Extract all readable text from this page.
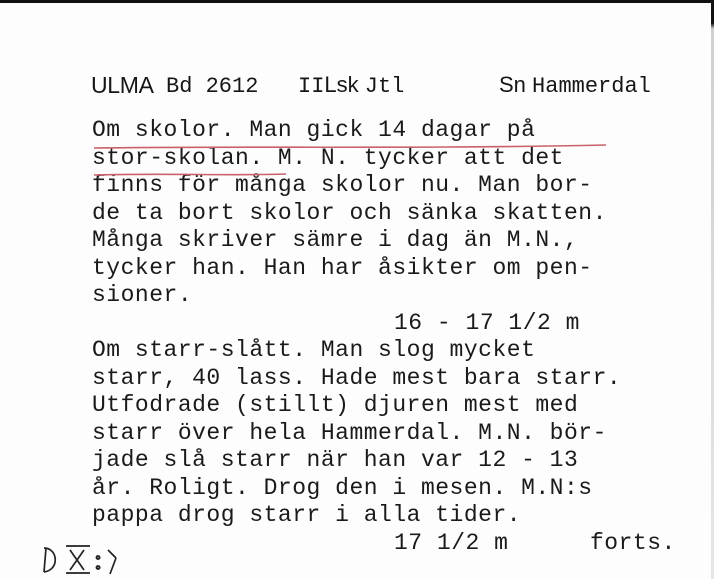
ULMA Bd 2612 IILsk Jtl	Sn Hammerdal
Om skolor. Man gick 14 dagar på
stor-skolan. M. N. tycker att det
finns för många skolor nu. Man bor-
de ta bort skolor och sänka skatten.
Många skriver sämre i dag än M.N.,
tycker han. Han har åsikter om pen-
sioner.
16 - 17 1/2 m
Om starr-slått. Man slog mycket
starr, 40 lass. Hade mest bara starr.
Utfodrade (stillt) djuren mest med
starr över hela Hammerdal. M.N. bör-
jade slå starr när han var 12 - 13
år. Roligt. Drog den i mesen. M.N:s
pappa drog starr i alla tider.
17 1/2 m	forts.
